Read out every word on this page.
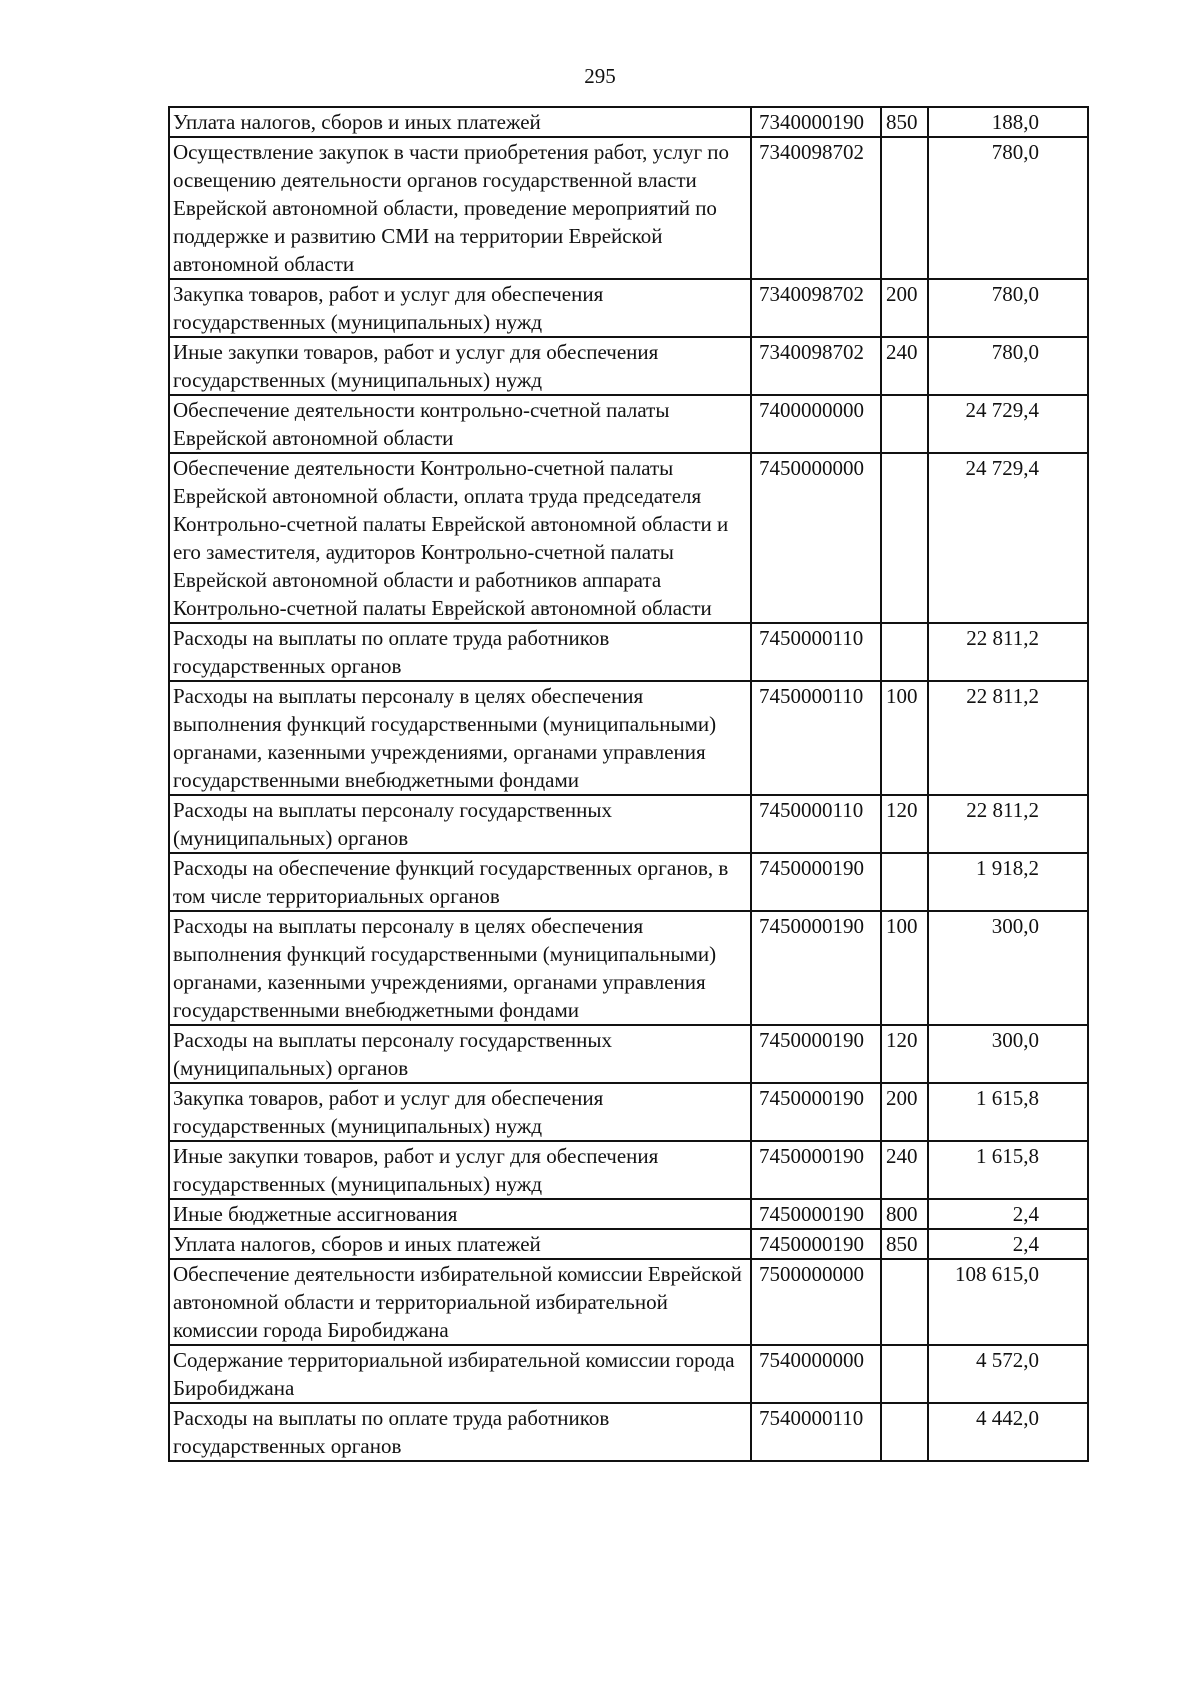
295
Уплата налогов, сборов и иных платежей	7340000190	850	188,0
Осуществление закупок в части приобретения работ, услуг по освещению деятельности органов государственной власти Еврейской автономной области, проведение мероприятий по поддержке и развитию СМИ на территории Еврейской автономной области	7340098702		780,0
Закупка товаров, работ и услуг для обеспечения государственных (муниципальных) нужд	7340098702	200	780,0
Иные закупки товаров, работ и услуг для обеспечения государственных (муниципальных) нужд	7340098702	240	780,0
Обеспечение деятельности контрольно-счетной палаты Еврейской автономной области	7400000000		24 729,4
Обеспечение деятельности Контрольно-счетной палаты Еврейской автономной области, оплата труда председателя Контрольно-счетной палаты Еврейской автономной области и его заместителя, аудиторов Контрольно-счетной палаты Еврейской автономной области и работников аппарата Контрольно-счетной палаты Еврейской автономной области	7450000000		24 729,4
Расходы на выплаты по оплате труда работников государственных органов	7450000110		22 811,2
Расходы на выплаты персоналу в целях обеспечения выполнения функций государственными (муниципальными) органами, казенными учреждениями, органами управления государственными внебюджетными фондами	7450000110	100	22 811,2
Расходы на выплаты персоналу государственных (муниципальных) органов	7450000110	120	22 811,2
Расходы на обеспечение функций государственных органов, в том числе территориальных органов	7450000190		1 918,2
Расходы на выплаты персоналу в целях обеспечения выполнения функций государственными (муниципальными) органами, казенными учреждениями, органами управления государственными внебюджетными фондами	7450000190	100	300,0
Расходы на выплаты персоналу государственных (муниципальных) органов	7450000190	120	300,0
Закупка товаров, работ и услуг для обеспечения государственных (муниципальных) нужд	7450000190	200	1 615,8
Иные закупки товаров, работ и услуг для обеспечения государственных (муниципальных) нужд	7450000190	240	1 615,8
Иные бюджетные ассигнования	7450000190	800	2,4
Уплата налогов, сборов и иных платежей	7450000190	850	2,4
Обеспечение деятельности избирательной комиссии Еврейской автономной области и территориальной избирательной комиссии города Биробиджана	7500000000		108 615,0
Содержание территориальной избирательной комиссии города Биробиджана	7540000000		4 572,0
Расходы на выплаты по оплате труда работников государственных органов	7540000110		4 442,0
